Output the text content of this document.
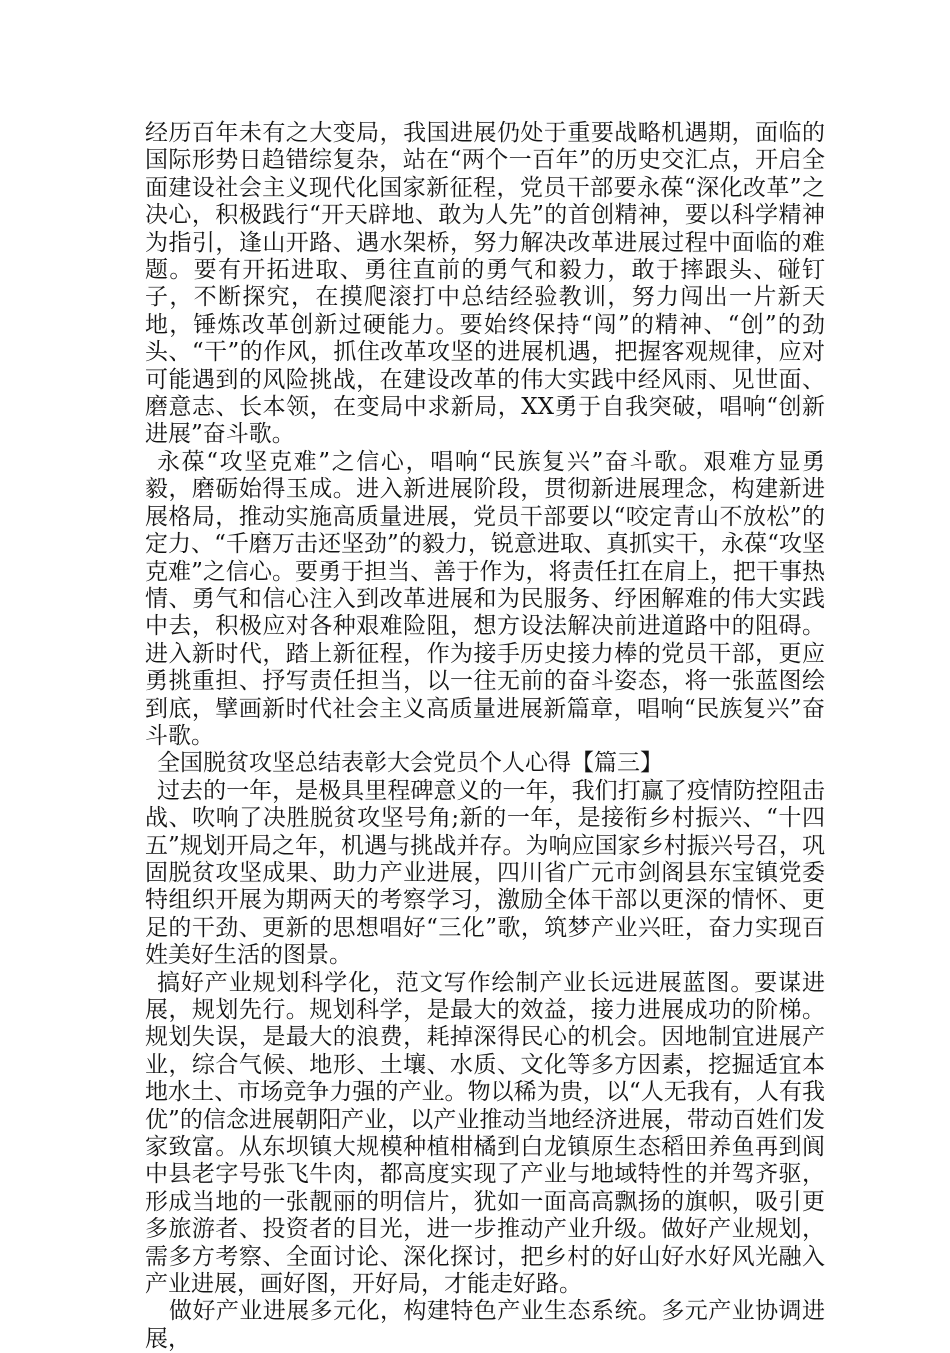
经历百年未有之大变局，我国进展仍处于重要战略机遇期，面临的国际形势日趋错综复杂，站在“两个一百年”的历史交汇点，开启全面建设社会主义现代化国家新征程，党员干部要永葆“深化改革”之决心，积极践行“开天辟地、敢为人先”的首创精神，要以科学精神为指引，逢山开路、遇水架桥，努力解决改革进展过程中面临的难题。要有开拓进取、勇往直前的勇气和毅力，敢于摔跟头、碰钉子，不断探究，在摸爬滚打中总结经验教训，努力闯出一片新天地，锤炼改革创新过硬能力。要始终保持“闯”的精神、“创”的劲头、“干”的作风，抓住改革攻坚的进展机遇，把握客观规律，应对可能遇到的风险挑战，在建设改革的伟大实践中经风雨、见世面、磨意志、长本领，在变局中求新局，XX勇于自我突破，唱响“创新进展”奋斗歌。

永葆“攻坚克难”之信心，唱响“民族复兴”奋斗歌。艰难方显勇毅，磨砺始得玉成。进入新进展阶段，贯彻新进展理念，构建新进展格局，推动实施高质量进展，党员干部要以“咬定青山不放松”的定力、“千磨万击还坚劲”的毅力，锐意进取、真抓实干，永葆“攻坚克难”之信心。要勇于担当、善于作为，将责任扛在肩上，把干事热情、勇气和信心注入到改革进展和为民服务、纾困解难的伟大实践中去，积极应对各种艰难险阻，想方设法解决前进道路中的阻碍。进入新时代，踏上新征程，作为接手历史接力棒的党员干部，更应勇挑重担、抒写责任担当，以一往无前的奋斗姿态，将一张蓝图绘到底，擘画新时代社会主义高质量进展新篇章，唱响“民族复兴”奋斗歌。

全国脱贫攻坚总结表彰大会党员个人心得【篇三】

过去的一年，是极具里程碑意义的一年，我们打赢了疫情防控阻击战、吹响了决胜脱贫攻坚号角;新的一年，是接衔乡村振兴、“十四五”规划开局之年，机遇与挑战并存。为响应国家乡村振兴号召，巩固脱贫攻坚成果、助力产业进展，四川省广元市剑阁县东宝镇党委特组织开展为期两天的考察学习，激励全体干部以更深的情怀、更足的干劲、更新的思想唱好“三化”歌，筑梦产业兴旺，奋力实现百姓美好生活的图景。

搞好产业规划科学化，范文写作绘制产业长远进展蓝图。要谋进展，规划先行。规划科学，是最大的效益，接力进展成功的阶梯。规划失误，是最大的浪费，耗掉深得民心的机会。因地制宜进展产业，综合气候、地形、土壤、水质、文化等多方因素，挖掘适宜本地水土、市场竞争力强的产业。物以稀为贵，以“人无我有，人有我优”的信念进展朝阳产业，以产业推动当地经济进展，带动百姓们发家致富。从东坝镇大规模种植柑橘到白龙镇原生态稻田养鱼再到阆中县老字号张飞牛肉，都高度实现了产业与地域特性的并驾齐驱，形成当地的一张靓丽的明信片，犹如一面高高飘扬的旗帜，吸引更多旅游者、投资者的目光，进一步推动产业升级。做好产业规划，需多方考察、全面讨论、深化探讨，把乡村的好山好水好风光融入产业进展，画好图，开好局，才能走好路。

做好产业进展多元化，构建特色产业生态系统。多元产业协调进展，
